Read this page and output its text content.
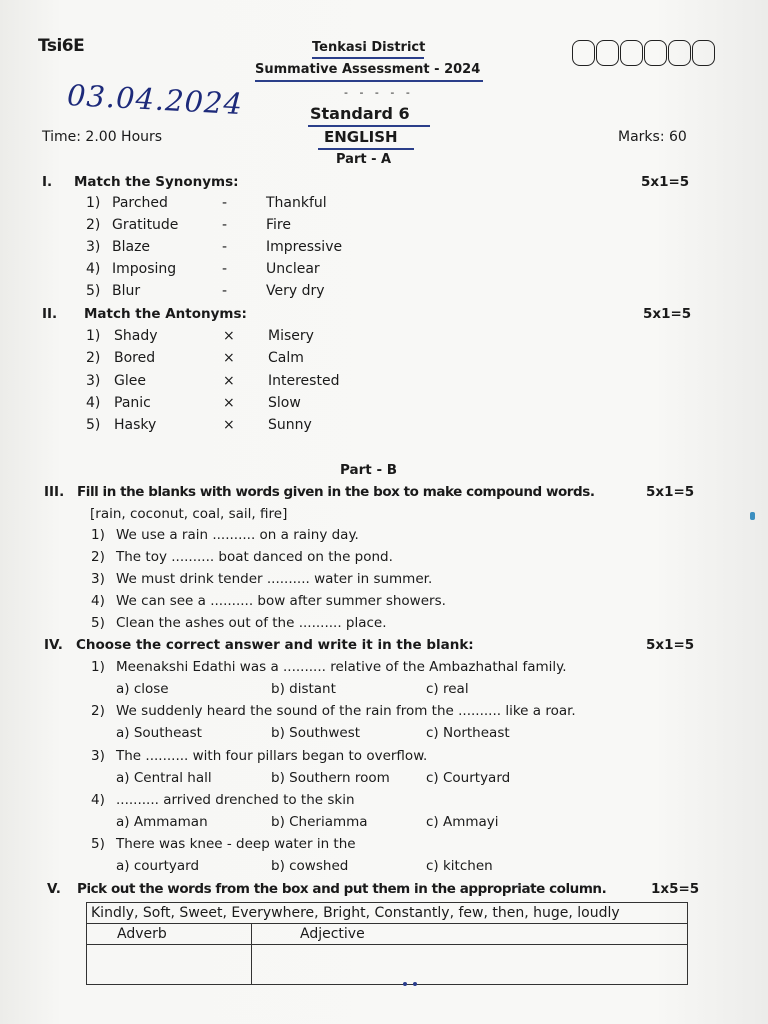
Tsi6E	Tenkasi District
Summative Assessment - 2024
- - - - -
03.04.2024	Standard 6
ENGLISH
Part - A
Time: 2.00 Hours	Marks: 60
I. Match the Synonyms:	5x1=5
1) Parched	-	Thankful
2) Gratitude	-	Fire
3) Blaze	-	Impressive
4) Imposing	-	Unclear
5) Blur	-	Very dry
II. Match the Antonyms:	5x1=5
1) Shady	× Misery
2) Bored	× Calm
3) Glee	× Interested
4) Panic	× Slow
5) Hasky	× Sunny
Part - B
III. Fill in the blanks with words given in the box to make compound words.	5x1=5
[rain, coconut, coal, sail, fire]
1) We use a rain .......... on a rainy day.
2) The toy .......... boat danced on the pond.
3) We must drink tender .......... water in summer.
4) We can see a .......... bow after summer showers.
5) Clean the ashes out of the .......... place.
IV. Choose the correct answer and write it in the blank:	5x1=5
1) Meenakshi Edathi was a .......... relative of the Ambazhathal family.
a) close	b) distant	c) real
2) We suddenly heard the sound of the rain from the .......... like a roar.
a) Southeast	b) Southwest	c) Northeast
3) The .......... with four pillars began to overflow.
a) Central hall	b) Southern room	c) Courtyard
4) .......... arrived drenched to the skin
a) Ammaman	b) Cheriamma	c) Ammayi
5) There was knee - deep water in the
a) courtyard	b) cowshed	c) kitchen
V. Pick out the words from the box and put them in the appropriate column.	1x5=5
Kindly, Soft, Sweet, Everywhere, Bright, Constantly, few, then, huge, loudly	
Adverb	Adjective
